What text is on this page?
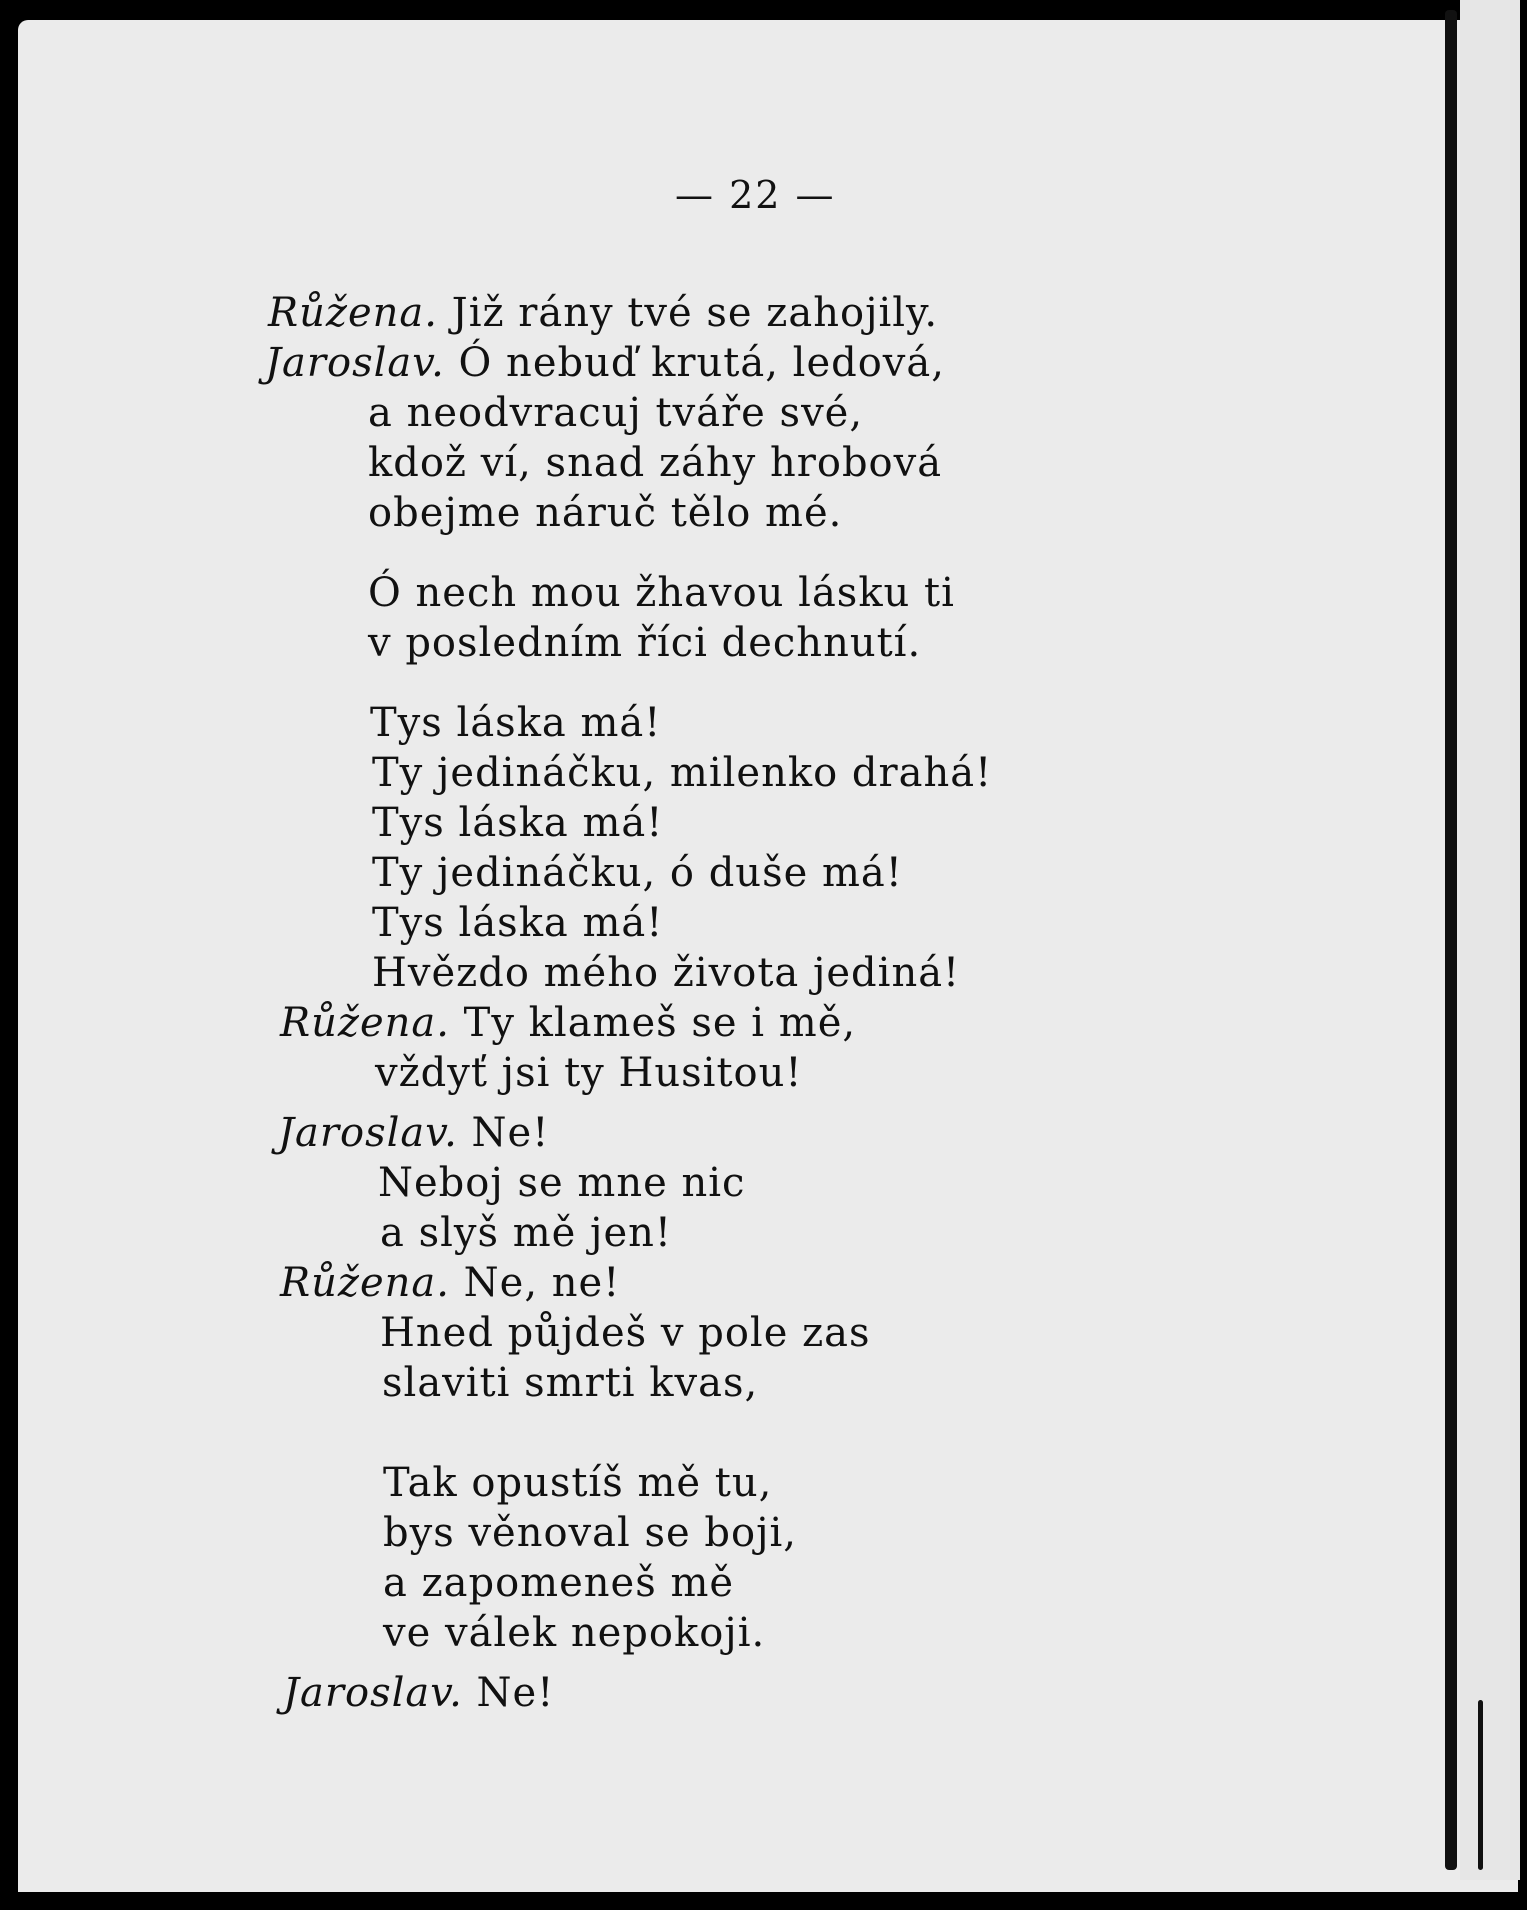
— 22 —
Růžena. Již rány tvé se zahojily.
Jaroslav. Ó nebuď krutá, ledová,
a neodvracuj tváře své,
kdož ví, snad záhy hrobová
obejme náruč tělo mé.
Ó nech mou žhavou lásku ti
v posledním říci dechnutí.
Tys láska má!
Ty jedináčku, milenko drahá!
Tys láska má!
Ty jedináčku, ó duše má!
Tys láska má!
Hvězdo mého života jediná!
Růžena. Ty klameš se i mě,
vždyť jsi ty Husitou!
Jaroslav. Ne!
Neboj se mne nic
a slyš mě jen!
Růžena. Ne, ne!
Hned půjdeš v pole zas
slaviti smrti kvas,
Tak opustíš mě tu,
bys věnoval se boji,
a zapomeneš mě
ve válek nepokoji.
Jaroslav. Ne!
